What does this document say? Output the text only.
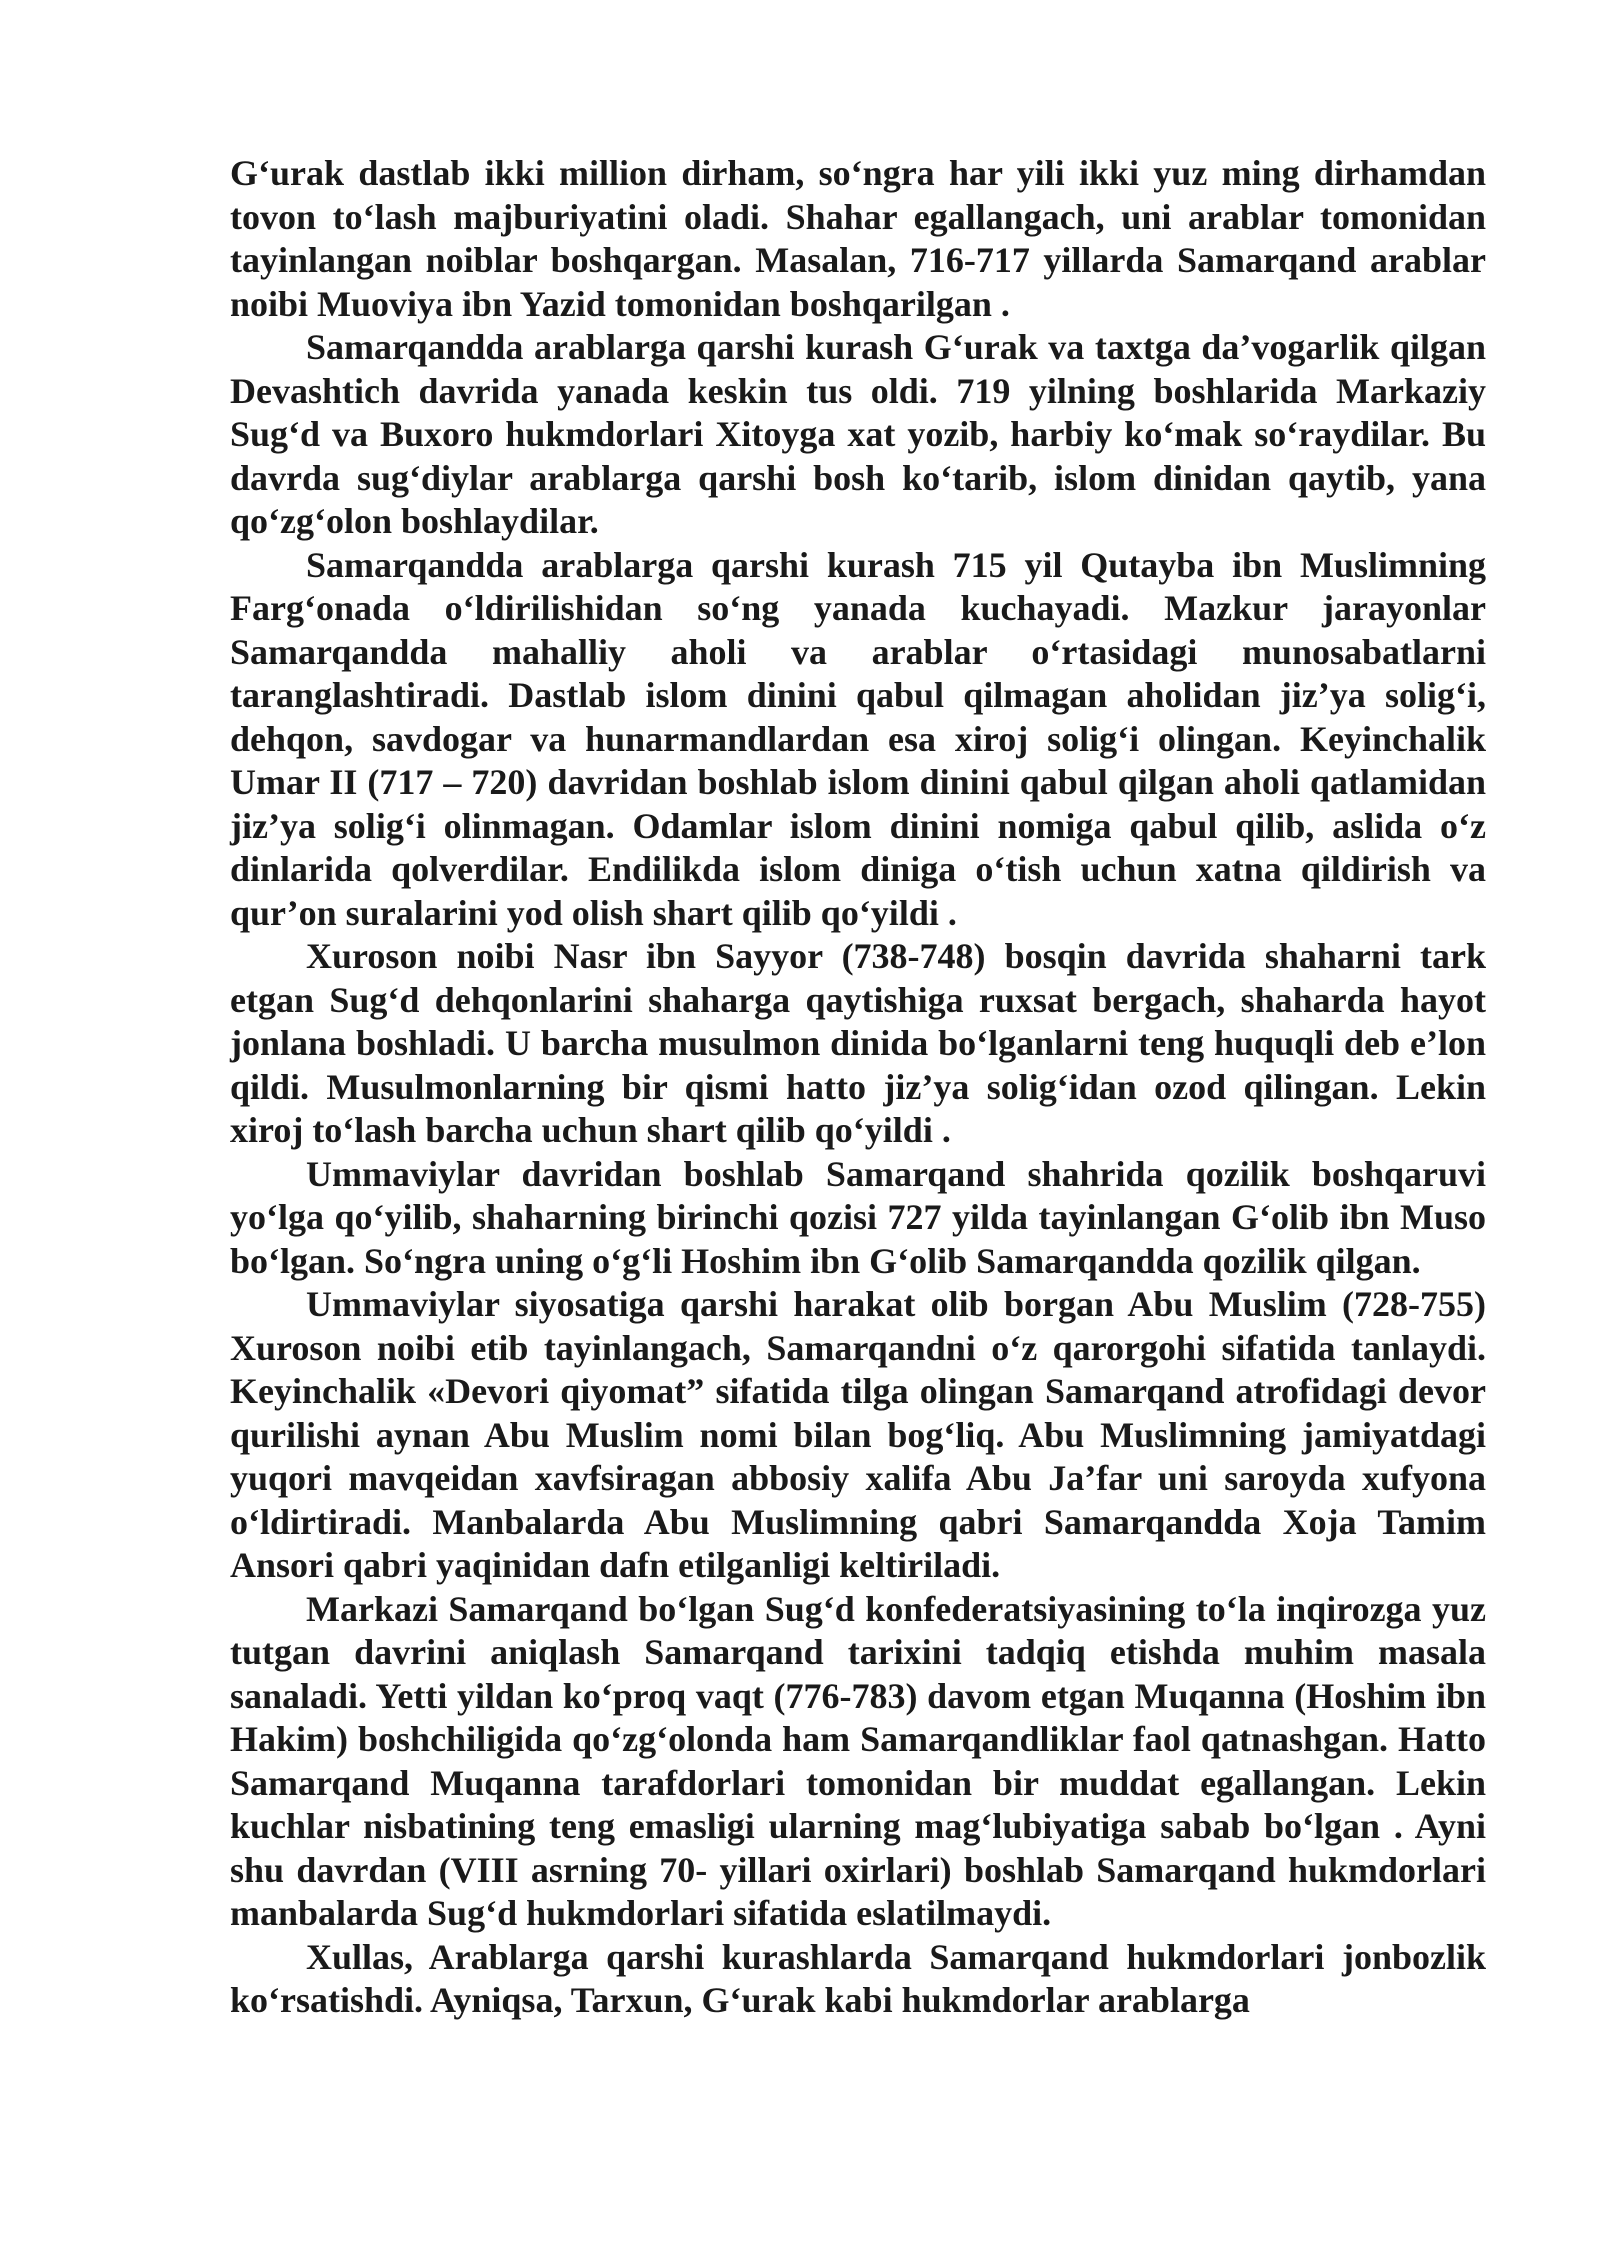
G‘urak dastlab ikki million dirham, so‘ngra har yili ikki yuz ming dirhamdan tovon to‘lash majburiyatini oladi. Shahar egallangach, uni arablar tomonidan tayinlangan noiblar boshqargan. Masalan, 716-717 yillarda Samarqand arablar noibi Muoviya ibn Yazid tomonidan boshqarilgan .

Samarqandda arablarga qarshi kurash G‘urak va taxtga da’vogarlik qilgan Devashtich davrida yanada keskin tus oldi. 719 yilning boshlarida Markaziy Sug‘d va Buxoro hukmdorlari Xitoyga xat yozib, harbiy ko‘mak so‘raydilar. Bu davrda sug‘diylar arablarga qarshi bosh ko‘tarib, islom dinidan qaytib, yana qo‘zg‘olon boshlaydilar.

Samarqandda arablarga qarshi kurash 715 yil Qutayba ibn Muslimning Farg‘onada o‘ldirilishidan so‘ng yanada kuchayadi. Mazkur jarayonlar Samarqandda mahalliy aholi va arablar o‘rtasidagi munosabatlarni taranglashtiradi. Dastlab islom dinini qabul qilmagan aholidan jiz’ya solig‘i, dehqon, savdogar va hunarmandlardan esa xiroj solig‘i olingan. Keyinchalik Umar II (717 – 720) davridan boshlab islom dinini qabul qilgan aholi qatlamidan jiz’ya solig‘i olinmagan. Odamlar islom dinini nomiga qabul qilib, aslida o‘z dinlarida qolverdilar. Endilikda islom diniga o‘tish uchun xatna qildirish va qur’on suralarini yod olish shart qilib qo‘yildi .

Xuroson noibi Nasr ibn Sayyor (738-748) bosqin davrida shaharni tark etgan Sug‘d dehqonlarini shaharga qaytishiga ruxsat bergach, shaharda hayot jonlana boshladi. U barcha musulmon dinida bo‘lganlarni teng huquqli deb e’lon qildi. Musulmonlarning bir qismi hatto jiz’ya solig‘idan ozod qilingan. Lekin xiroj to‘lash barcha uchun shart qilib qo‘yildi .

Ummaviylar davridan boshlab Samarqand shahrida qozilik boshqaruvi yo‘lga qo‘yilib, shaharning birinchi qozisi 727 yilda tayinlangan G‘olib ibn Muso bo‘lgan. So‘ngra uning o‘g‘li Hoshim ibn G‘olib Samarqandda qozilik qilgan.

Ummaviylar siyosatiga qarshi harakat olib borgan Abu Muslim (728-755) Xuroson noibi etib tayinlangach, Samarqandni o‘z qarorgohi sifatida tanlaydi. Keyinchalik «Devori qiyomat” sifatida tilga olingan Samarqand atrofidagi devor qurilishi aynan Abu Muslim nomi bilan bog‘liq. Abu Muslimning jamiyatdagi yuqori mavqeidan xavfsiragan abbosiy xalifa Abu Ja’far uni saroyda xufyona o‘ldirtiradi. Manbalarda Abu Muslimning qabri Samarqandda Xoja Tamim Ansori qabri yaqinidan dafn etilganligi keltiriladi.

Markazi Samarqand bo‘lgan Sug‘d konfederatsiyasining to‘la inqirozga yuz tutgan davrini aniqlash Samarqand tarixini tadqiq etishda muhim masala sanaladi. Yetti yildan ko‘proq vaqt (776-783) davom etgan Muqanna (Hoshim ibn Hakim) boshchiligida qo‘zg‘olonda ham Samarqandliklar faol qatnashgan. Hatto Samarqand Muqanna tarafdorlari tomonidan bir muddat egallangan. Lekin kuchlar nisbatining teng emasligi ularning mag‘lubiyatiga sabab bo‘lgan . Ayni shu davrdan (VIII asrning 70- yillari oxirlari) boshlab Samarqand hukmdorlari manbalarda Sug‘d hukmdorlari sifatida eslatilmaydi.

Xullas, Arablarga qarshi kurashlarda Samarqand hukmdorlari jonbozlik ko‘rsatishdi. Ayniqsa, Tarxun, G‘urak kabi hukmdorlar arablarga
